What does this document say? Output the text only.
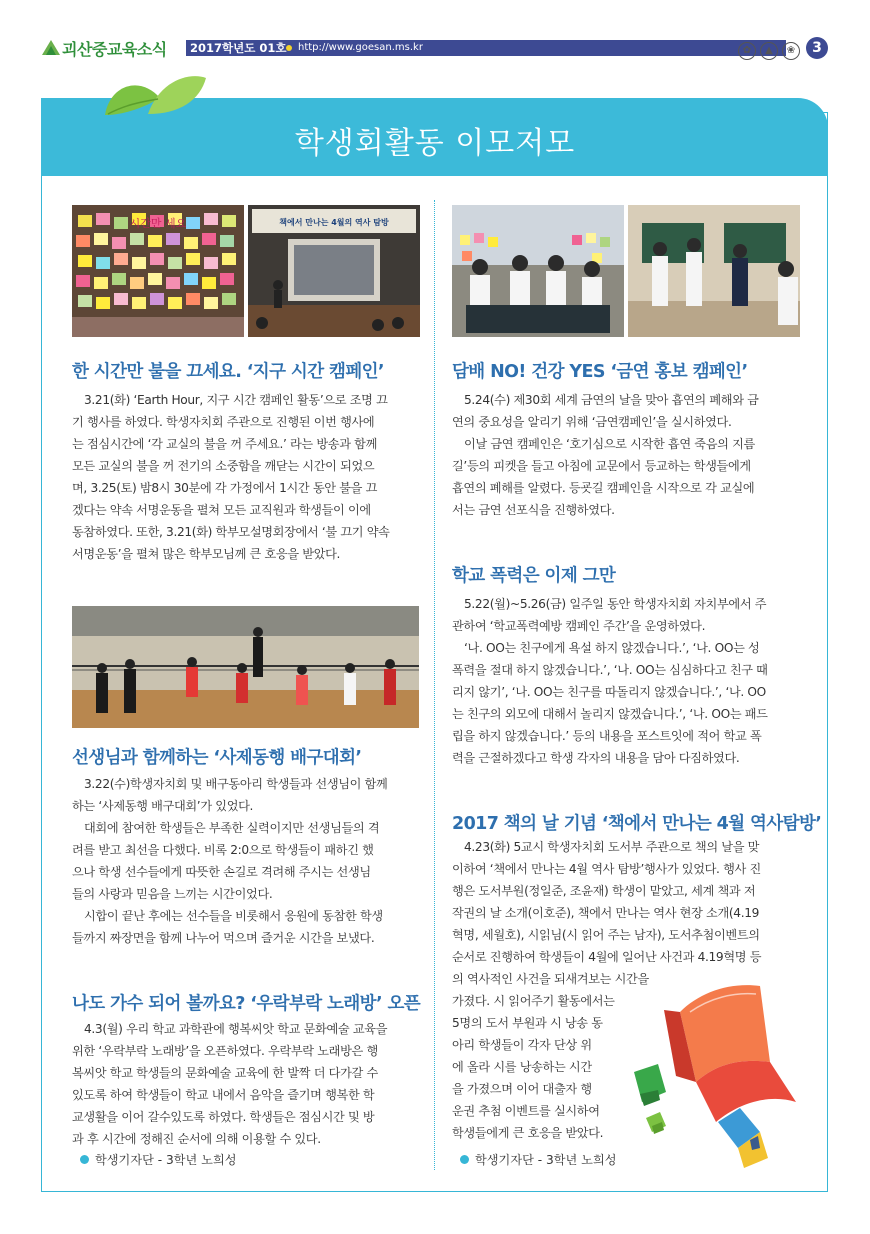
괴산중교육소식 2017학년도 01호 http://www.goesan.ms.kr	✿ ▲ ❀	3
학생회활동 이모저모
시간만 세요	책에서 만나는 4월의 역사 탐방
한 시간만 불을 끄세요. ‘지구 시간 캠페인’
3.21(화) ‘Earth Hour, 지구 시간 캠페인 활동’으로 조명 끄
기 행사를 하였다. 학생자치회 주관으로 진행된 이번 행사에
는 점심시간에 ‘각 교실의 불을 꺼 주세요.’ 라는 방송과 함께
모든 교실의 불을 꺼 전기의 소중함을 깨닫는 시간이 되었으
며, 3.25(토) 밤8시 30분에 각 가정에서 1시간 동안 불을 끄
겠다는 약속 서명운동을 펼쳐 모든 교직원과 학생들이 이에
동참하였다. 또한, 3.21(화) 학부모설명회장에서 ‘불 끄기 약속
서명운동’을 펼쳐 많은 학부모님께 큰 호응을 받았다.
선생님과 함께하는 ‘사제동행 배구대회’
3.22(수)학생자치회 및 배구동아리 학생들과 선생님이 함께
하는 ‘사제동행 배구대회’가 있었다.
대회에 참여한 학생들은 부족한 실력이지만 선생님들의 격
려를 받고 최선을 다했다. 비록 2:0으로 학생들이 패하긴 했
으나 학생 선수들에게 따뜻한 손길로 격려해 주시는 선생님
들의 사랑과 믿음을 느끼는 시간이었다.
시합이 끝난 후에는 선수들을 비롯해서 응원에 동참한 학생
들까지 짜장면을 함께 나누어 먹으며 즐거운 시간을 보냈다.
나도 가수 되어 볼까요? ‘우락부락 노래방’ 오픈
4.3(월) 우리 학교 과학관에 행복씨앗 학교 문화예술 교육을
위한 ‘우락부락 노래방’을 오픈하였다. 우락부락 노래방은 행
복씨앗 학교 학생들의 문화예술 교육에 한 발짝 더 다가갈 수
있도록 하여 학생들이 학교 내에서 음악을 즐기며 행복한 학
교생활을 이어 갈수있도록 하였다. 학생들은 점심시간 및 방
과 후 시간에 정해진 순서에 의해 이용할 수 있다.
학생기자단 - 3학년 노희성
담배 NO! 건강 YES ‘금연 홍보 캠페인’
5.24(수) 제30회 세계 금연의 날을 맞아 흡연의 폐해와 금
연의 중요성을 알리기 위해 ‘금연캠페인’을 실시하였다.
이날 금연 캠페인은 ‘호기심으로 시작한 흡연 죽음의 지름
길’등의 피켓을 들고 아침에 교문에서 등교하는 학생들에게
흡연의 폐해를 알렸다. 등굣길 캠페인을 시작으로 각 교실에
서는 금연 선포식을 진행하였다.
학교 폭력은 이제 그만
5.22(월)~5.26(금) 일주일 동안 학생자치회 자치부에서 주
관하여 ‘학교폭력예방 캠페인 주간’을 운영하였다.
‘나. OO는 친구에게 욕설 하지 않겠습니다.’, ‘나. OO는 성
폭력을 절대 하지 않겠습니다.’, ‘나. OO는 심심하다고 친구 때
리지 않기’, ‘나. OO는 친구를 따돌리지 않겠습니다.’, ‘나. OO
는 친구의 외모에 대해서 놀리지 않겠습니다.’, ‘나. OO는 패드
립을 하지 않겠습니다.’ 등의 내용을 포스트잇에 적어 학교 폭
력을 근절하겠다고 학생 각자의 내용을 담아 다짐하였다.
2017 책의 날 기념 ‘책에서 만나는 4월 역사탐방’
4.23(화) 5교시 학생자치회 도서부 주관으로 책의 날을 맞
이하여 ‘책에서 만나는 4월 역사 탐방’행사가 있었다. 행사 진
행은 도서부원(정일준, 조윤재) 학생이 맡았고, 세계 책과 저
작권의 날 소개(이호준), 책에서 만나는 역사 현장 소개(4.19
혁명, 세월호), 시읽님(시 읽어 주는 남자), 도서추첨이벤트의
순서로 진행하여 학생들이 4월에 일어난 사건과 4.19혁명 등
의 역사적인 사건을 되새겨보는 시간을
가졌다. 시 읽어주기 활동에서는
5명의 도서 부원과 시 낭송 동
아리 학생들이 각자 단상 위
에 올라 시를 낭송하는 시간
을 가졌으며 이어 대출자 행
운권 추첨 이벤트를 실시하여
학생들에게 큰 호응을 받았다.
학생기자단 - 3학년 노희성
